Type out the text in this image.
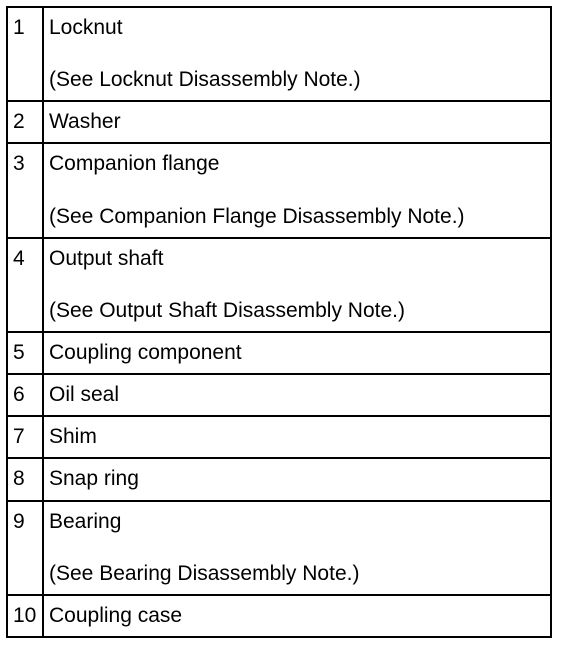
1	Locknut
(See Locknut Disassembly Note.)

2	Washer

3	Companion flange
(See Companion Flange Disassembly Note.)

4	Output shaft
(See Output Shaft Disassembly Note.)

5	Coupling component

6	Oil seal

7	Shim

8	Snap ring

9	Bearing
(See Bearing Disassembly Note.)

10	Coupling case
